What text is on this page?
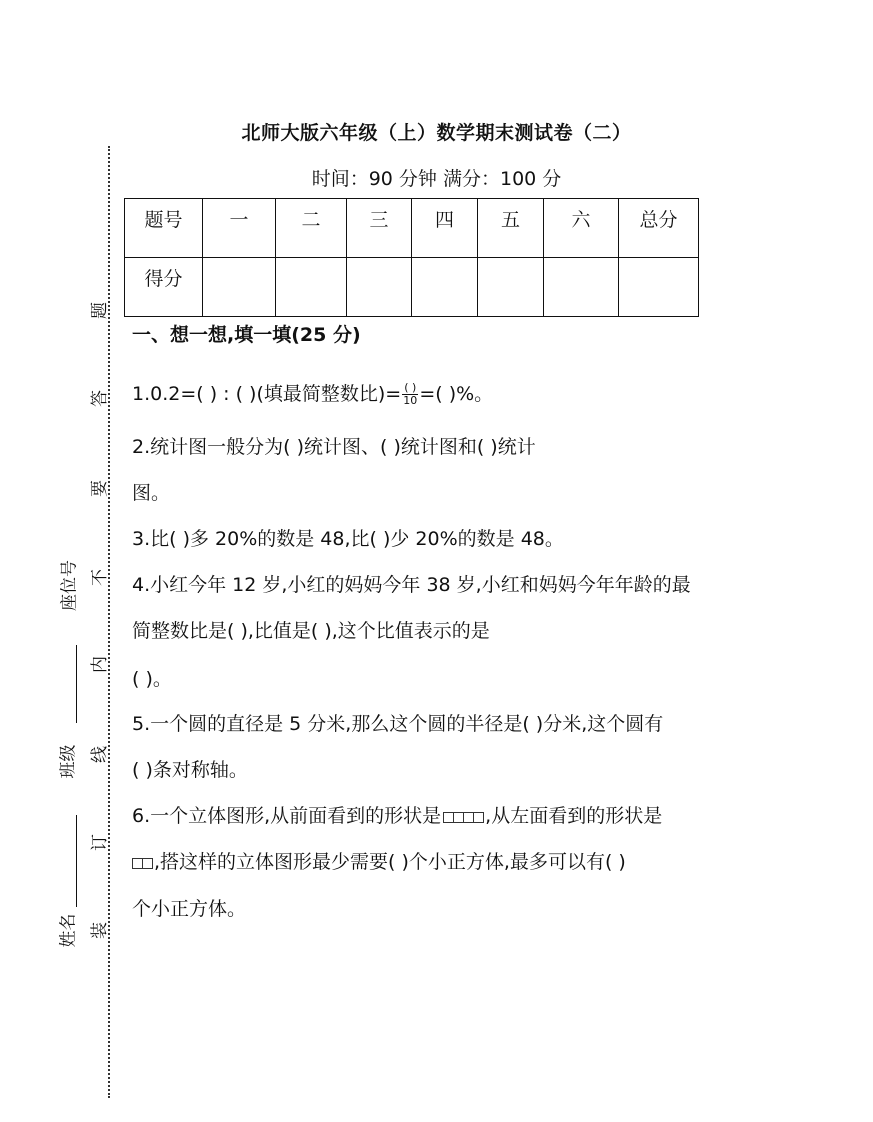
题
答
要
不
内
线
订
装
座位号
班级
姓名
北师大版六年级（上）数学期末测试卷（二）
时间：90 分钟 满分：100 分
题号	一	二	三	四	五	六	总分
得分							
一、想一想,填一填(25 分)
1.0.2=( ) : ( )(填最简整数比)= $\frac{( )}{10}$ =( )%。
2.统计图一般分为( )统计图、( )统计图和( )统计
图。
3.比( )多 20%的数是 48,比( )少 20%的数是 48。
4.小红今年 12 岁,小红的妈妈今年 38 岁,小红和妈妈今年年龄的最
简整数比是( ),比值是( ),这个比值表示的是
( )。
5.一个圆的直径是 5 分米,那么这个圆的半径是( )分米,这个圆有
( )条对称轴。
6.一个立体图形,从前面看到的形状是 ,从左面看到的形状是
,搭这样的立体图形最少需要( )个小正方体,最多可以有( )
个小正方体。
